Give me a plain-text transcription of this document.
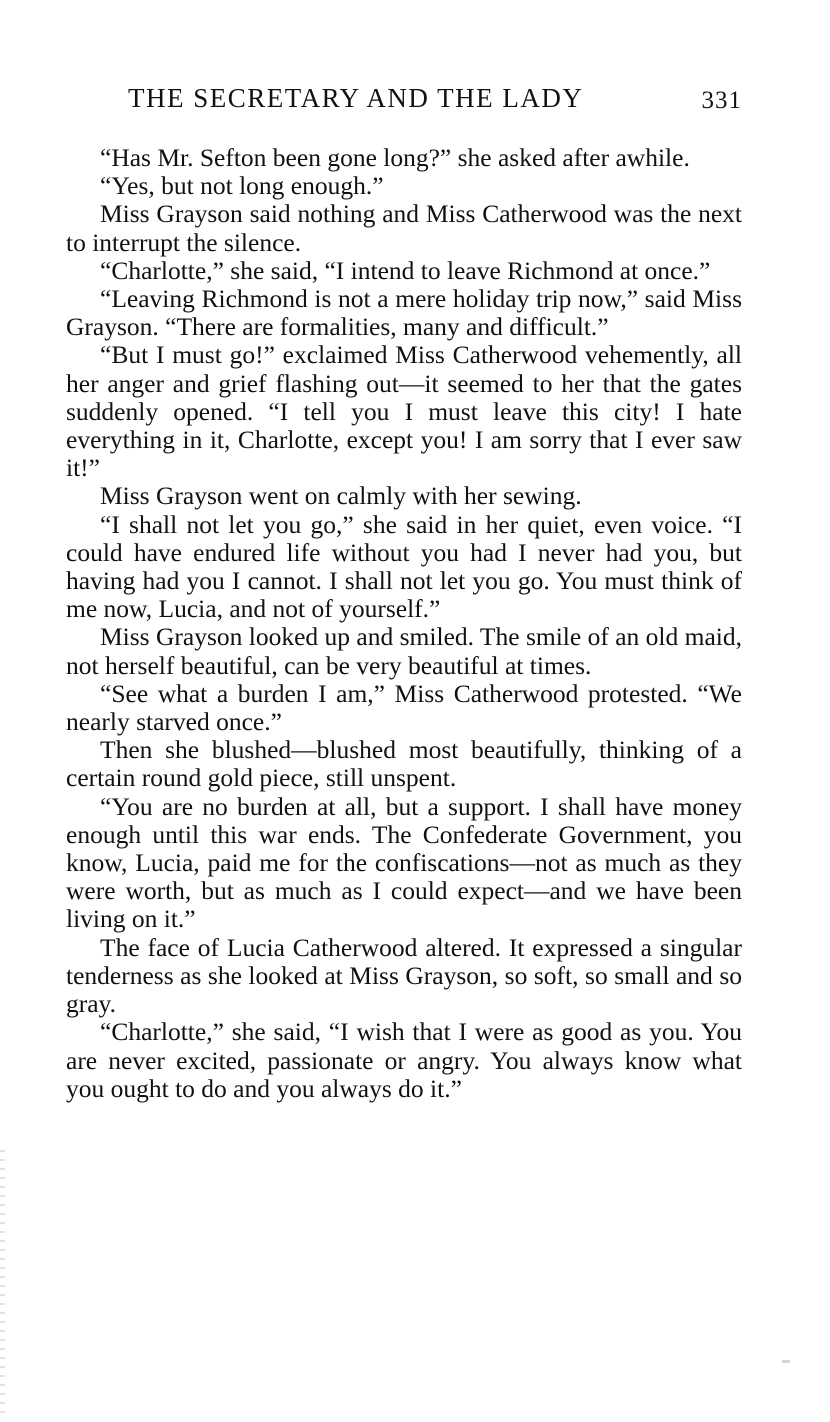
THE SECRETARY AND THE LADY	331

“Has Mr. Sefton been gone long?” she asked after awhile.

“Yes, but not long enough.”

Miss Grayson said nothing and Miss Catherwood was the next to interrupt the silence.

“Charlotte,” she said, “I intend to leave Richmond at once.”

“Leaving Richmond is not a mere holiday trip now,” said Miss Grayson. “There are formalities, many and difficult.”

“But I must go!” exclaimed Miss Catherwood vehemently, all her anger and grief flashing out—it seemed to her that the gates suddenly opened. “I tell you I must leave this city! I hate everything in it, Charlotte, except you! I am sorry that I ever saw it!”

Miss Grayson went on calmly with her sewing.

“I shall not let you go,” she said in her quiet, even voice. “I could have endured life without you had I never had you, but having had you I cannot. I shall not let you go. You must think of me now, Lucia, and not of yourself.”

Miss Grayson looked up and smiled. The smile of an old maid, not herself beautiful, can be very beautiful at times.

“See what a burden I am,” Miss Catherwood protested. “We nearly starved once.”

Then she blushed—blushed most beautifully, thinking of a certain round gold piece, still unspent.

“You are no burden at all, but a support. I shall have money enough until this war ends. The Confederate Government, you know, Lucia, paid me for the confiscations—not as much as they were worth, but as much as I could expect—and we have been living on it.”

The face of Lucia Catherwood altered. It expressed a singular tenderness as she looked at Miss Grayson, so soft, so small and so gray.

“Charlotte,” she said, “I wish that I were as good as you. You are never excited, passionate or angry. You always know what you ought to do and you always do it.”
